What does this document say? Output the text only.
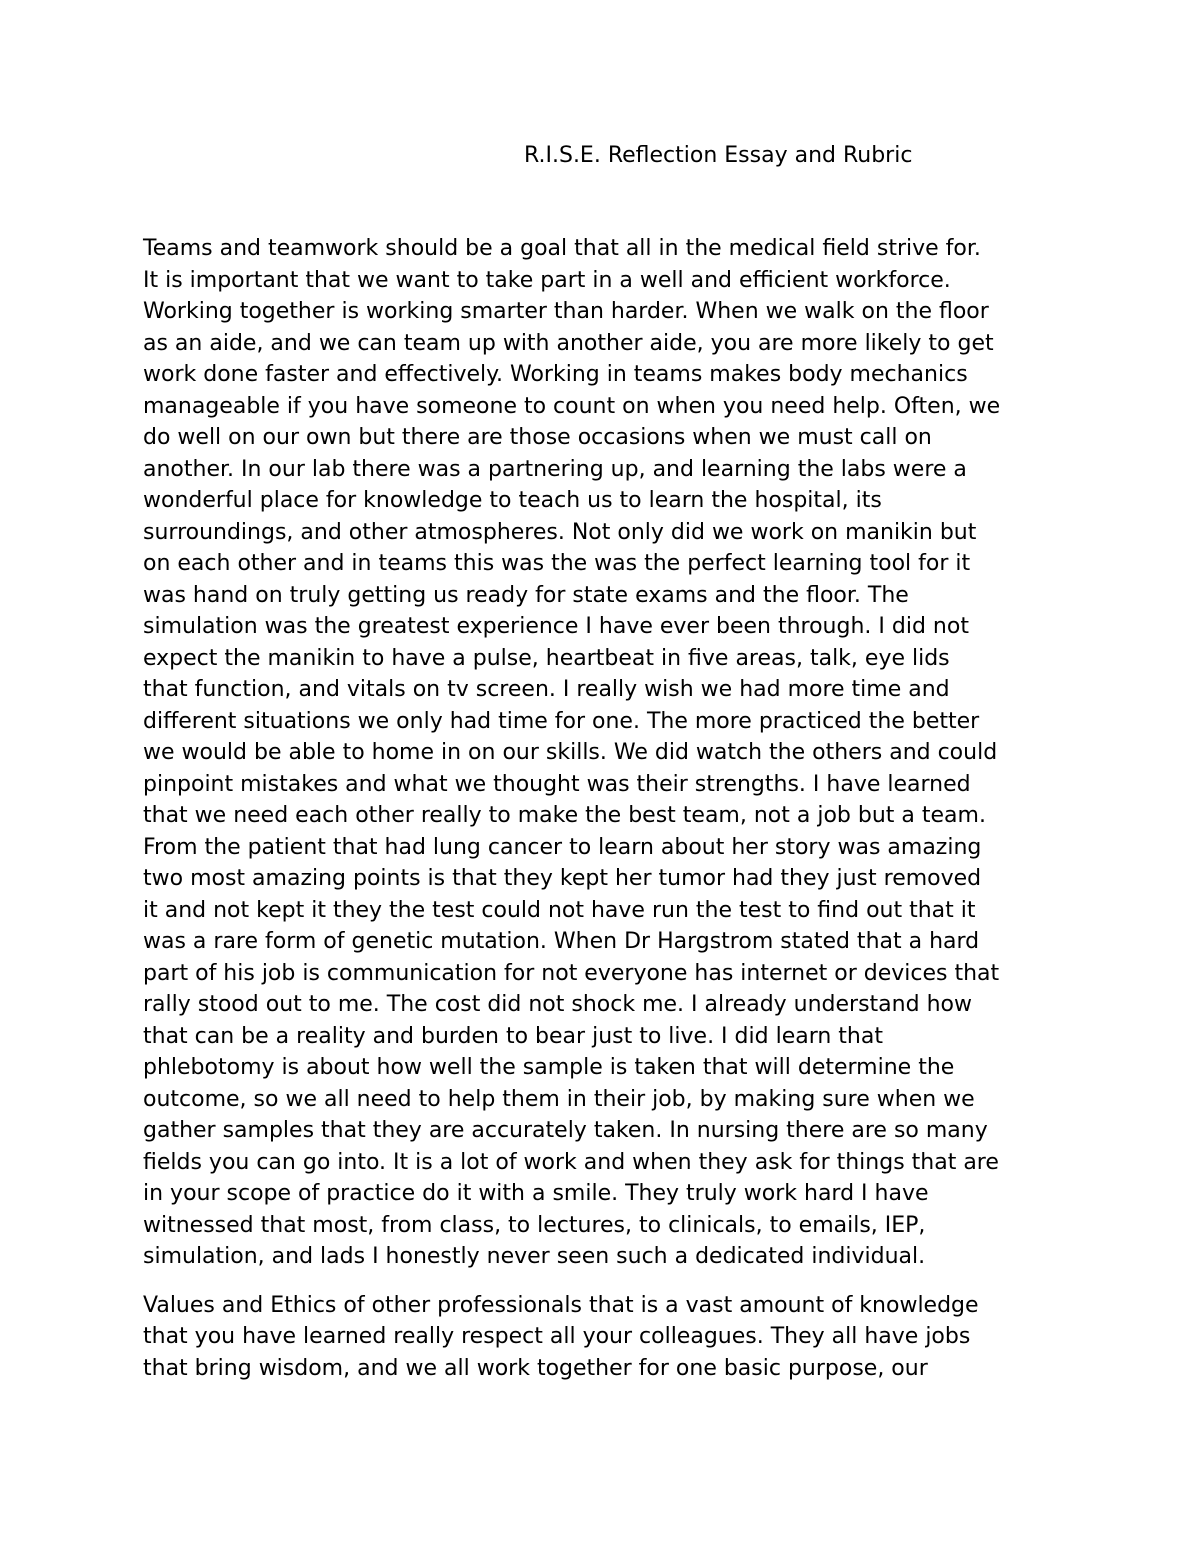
R.I.S.E. Reflection Essay and Rubric

Teams and teamwork should be a goal that all in the medical field strive for.

It is important that we want to take part in a well and efficient workforce.

Working together is working smarter than harder. When we walk on the floor

as an aide, and we can team up with another aide, you are more likely to get

work done faster and effectively. Working in teams makes body mechanics

manageable if you have someone to count on when you need help. Often, we

do well on our own but there are those occasions when we must call on

another. In our lab there was a partnering up, and learning the labs were a

wonderful place for knowledge to teach us to learn the hospital, its

surroundings, and other atmospheres. Not only did we work on manikin but

on each other and in teams this was the was the perfect learning tool for it

was hand on truly getting us ready for state exams and the floor. The

simulation was the greatest experience I have ever been through. I did not

expect the manikin to have a pulse, heartbeat in five areas, talk, eye lids

that function, and vitals on tv screen. I really wish we had more time and

different situations we only had time for one. The more practiced the better

we would be able to home in on our skills. We did watch the others and could

pinpoint mistakes and what we thought was their strengths. I have learned

that we need each other really to make the best team, not a job but a team.

From the patient that had lung cancer to learn about her story was amazing

two most amazing points is that they kept her tumor had they just removed

it and not kept it they the test could not have run the test to find out that it

was a rare form of genetic mutation. When Dr Hargstrom stated that a hard

part of his job is communication for not everyone has internet or devices that

rally stood out to me. The cost did not shock me. I already understand how

that can be a reality and burden to bear just to live. I did learn that

phlebotomy is about how well the sample is taken that will determine the

outcome, so we all need to help them in their job, by making sure when we

gather samples that they are accurately taken. In nursing there are so many

fields you can go into. It is a lot of work and when they ask for things that are

in your scope of practice do it with a smile. They truly work hard I have

witnessed that most, from class, to lectures, to clinicals, to emails, IEP,

simulation, and lads I honestly never seen such a dedicated individual.

Values and Ethics of other professionals that is a vast amount of knowledge

that you have learned really respect all your colleagues. They all have jobs

that bring wisdom, and we all work together for one basic purpose, our
